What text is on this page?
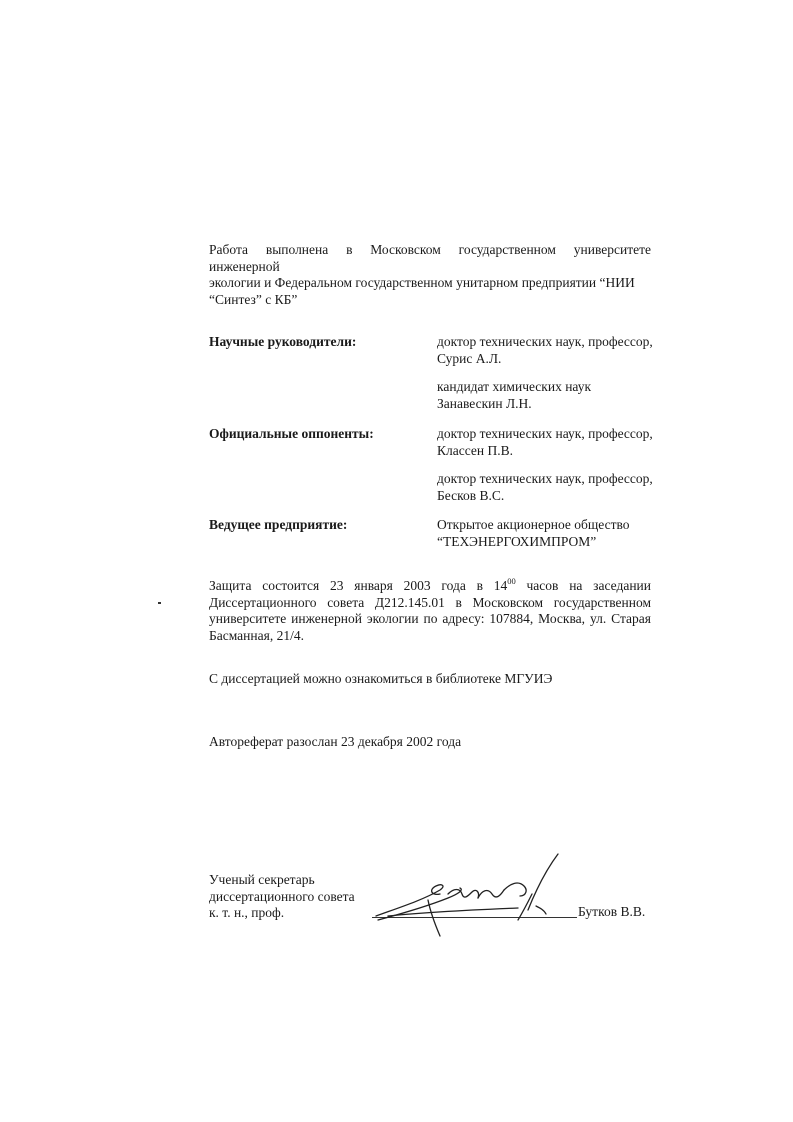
Работа выполнена в Московском государственном университете инженерной
экологии и Федеральном государственном унитарном предприятии “НИИ
“Синтез” с КБ”
Научные руководители:	доктор технических наук, профессор,
Сурис А.Л.
кандидат химических наук
Занавескин Л.Н.
Официальные оппоненты:	доктор технических наук, профессор,
Классен П.В.
доктор технических наук, профессор,
Бесков В.С.
Ведущее предприятие:	Открытое акционерное общество
“ТЕХЭНЕРГОХИМПРОМ”
Защита состоится 23 января 2003 года в $14^{00}$ часов на заседании
Диссертационного совета Д212.145.01 в Московском государственном
университете инженерной экологии по адресу: 107884, Москва, ул. Старая
Басманная, 21/4.
С диссертацией можно ознакомиться в библиотеке МГУИЭ
Автореферат разослан 23 декабря 2002 года
Ученый секретарь
диссертационного совета
к. т. н., проф.	Бутков В.В.
